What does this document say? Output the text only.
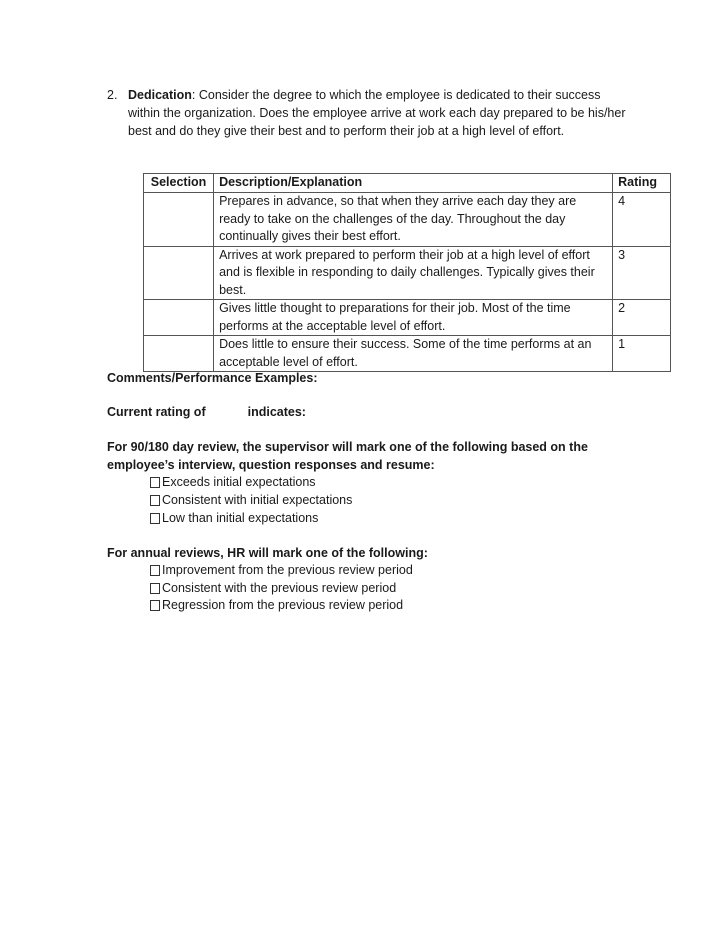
2. Dedication: Consider the degree to which the employee is dedicated to their success within the organization. Does the employee arrive at work each day prepared to be his/her best and do they give their best and to perform their job at a high level of effort.
Selection	Description/Explanation	Rating
	Prepares in advance, so that when they arrive each day they are ready to take on the challenges of the day. Throughout the day continually gives their best effort.	4
	Arrives at work prepared to perform their job at a high level of effort and is flexible in responding to daily challenges. Typically gives their best.	3
	Gives little thought to preparations for their job. Most of the time performs at the acceptable level of effort.	2
	Does little to ensure their success. Some of the time performs at an acceptable level of effort.	1
Comments/Performance Examples:
Current rating of	indicates:
For 90/180 day review, the supervisor will mark one of the following based on the employee’s interview, question responses and resume:
Exceeds initial expectations
Consistent with initial expectations
Low than initial expectations
For annual reviews, HR will mark one of the following:
Improvement from the previous review period
Consistent with the previous review period
Regression from the previous review period
